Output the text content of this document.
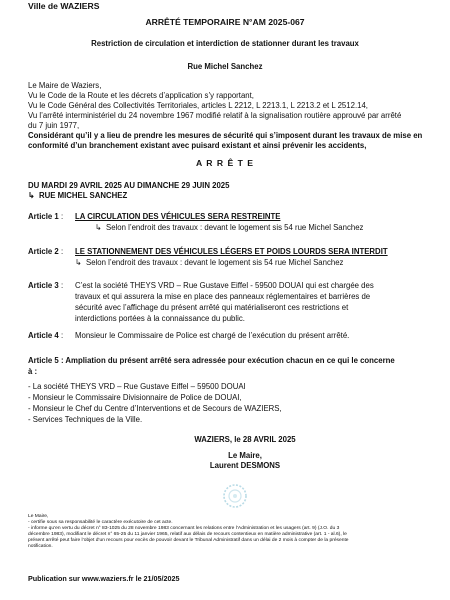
Ville de WAZIERS
ARRÊTÉ TEMPORAIRE N°AM 2025-067
Restriction de circulation et interdiction de stationner durant les travaux
Rue Michel Sanchez
Le Maire de Waziers,
Vu le Code de la Route et les décrets d’application s’y rapportant,
Vu le Code Général des Collectivités Territoriales, articles L 2212, L 2213.1, L 2213.2 et L 2512.14,
Vu l’arrêté interministériel du 24 novembre 1967 modifié relatif à la signalisation routière approuvé par arrêté
du 7 juin 1977,
Considérant qu’il y a lieu de prendre les mesures de sécurité qui s’imposent durant les travaux de mise en
conformité d’un branchement existant avec puisard existant et ainsi prévenir les accidents,
A R R Ê T E
DU MARDI 29 AVRIL 2025 AU DIMANCHE 29 JUIN 2025
↳ RUE MICHEL SANCHEZ
Article 1 : LA CIRCULATION DES VÉHICULES SERA RESTREINTE
↳ Selon l’endroit des travaux : devant le logement sis 54 rue Michel Sanchez
Article 2 : LE STATIONNEMENT DES VÉHICULES LÉGERS ET POIDS LOURDS SERA INTERDIT
↳ Selon l’endroit des travaux : devant le logement sis 54 rue Michel Sanchez
Article 3 : C’est la société THEYS VRD – Rue Gustave Eiffel - 59500 DOUAI qui est chargée des
travaux et qui assurera la mise en place des panneaux réglementaires et barrières de
sécurité avec l’affichage du présent arrêté qui matérialiseront ces restrictions et
interdictions portées à la connaissance du public.
Article 4 : Monsieur le Commissaire de Police est chargé de l’exécution du présent arrêté.
Article 5 : Ampliation du présent arrêté sera adressée pour exécution chacun en ce qui le concerne
à :
- La société THEYS VRD – Rue Gustave Eiffel – 59500 DOUAI
- Monsieur le Commissaire Divisionnaire de Police de DOUAI,
- Monsieur le Chef du Centre d’Interventions et de Secours de WAZIERS,
- Services Techniques de la Ville.
WAZIERS, le 28 AVRIL 2025
Le Maire,
Laurent DESMONS
Le Maire,
- certifie sous sa responsabilité le caractère exécutoire de cet acte.
- informe qu’en vertu du décret n° 83-1025 du 28 novembre 1983 concernant les relations entre l’Administration et les usagers (art. 9) (J.O. du 3
décembre 1983), modifiant le décret n° 65-25 du 11 janvier 1965, relatif aux délais de recours contentieux en matière administrative (art. 1 - al.6), le
présent arrêté peut faire l’objet d’un recours pour excès de pouvoir devant le Tribunal Administratif dans un délai de 2 mois à compter de la présente
notification.
Publication sur www.waziers.fr le 21/05/2025
